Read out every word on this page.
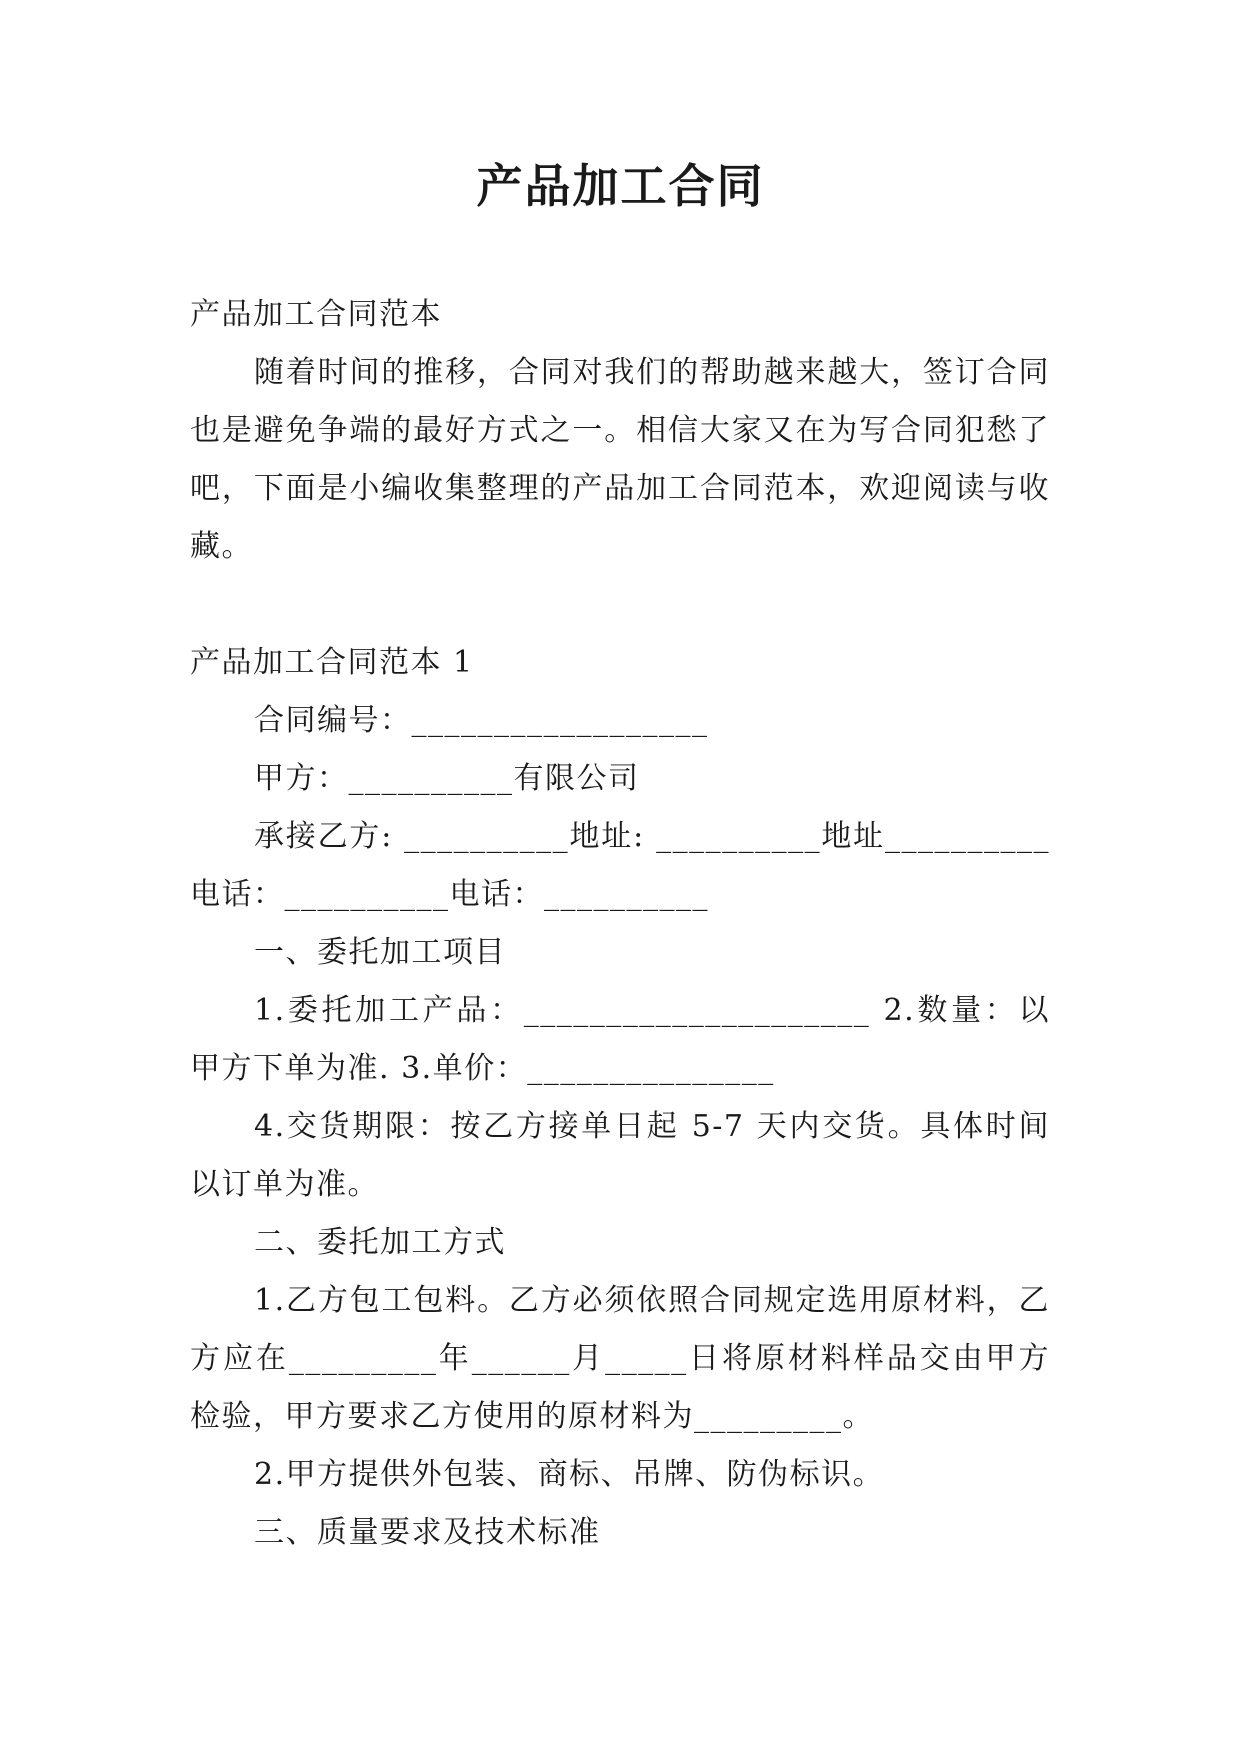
产品加工合同

产品加工合同范本

随着时间的推移，合同对我们的帮助越来越大，签订合同也是避免争端的最好方式之一。相信大家又在为写合同犯愁了吧，下面是小编收集整理的产品加工合同范本，欢迎阅读与收藏。

产品加工合同范本 1

合同编号：__________________

甲方：__________有限公司

承接乙方: __________地址: __________地址__________电话：__________电话：__________

一、委托加工项目

1.委托加工产品：_____________________ 2.数量：以甲方下单为准. 3.单价：_______________

4.交货期限：按乙方接单日起 5-7 天内交货。具体时间以订单为准。

二、委托加工方式

1.乙方包工包料。乙方必须依照合同规定选用原材料，乙方应在_________年______月_____日将原材料样品交由甲方检验，甲方要求乙方使用的原材料为_________。

2.甲方提供外包装、商标、吊牌、防伪标识。

三、质量要求及技术标准
